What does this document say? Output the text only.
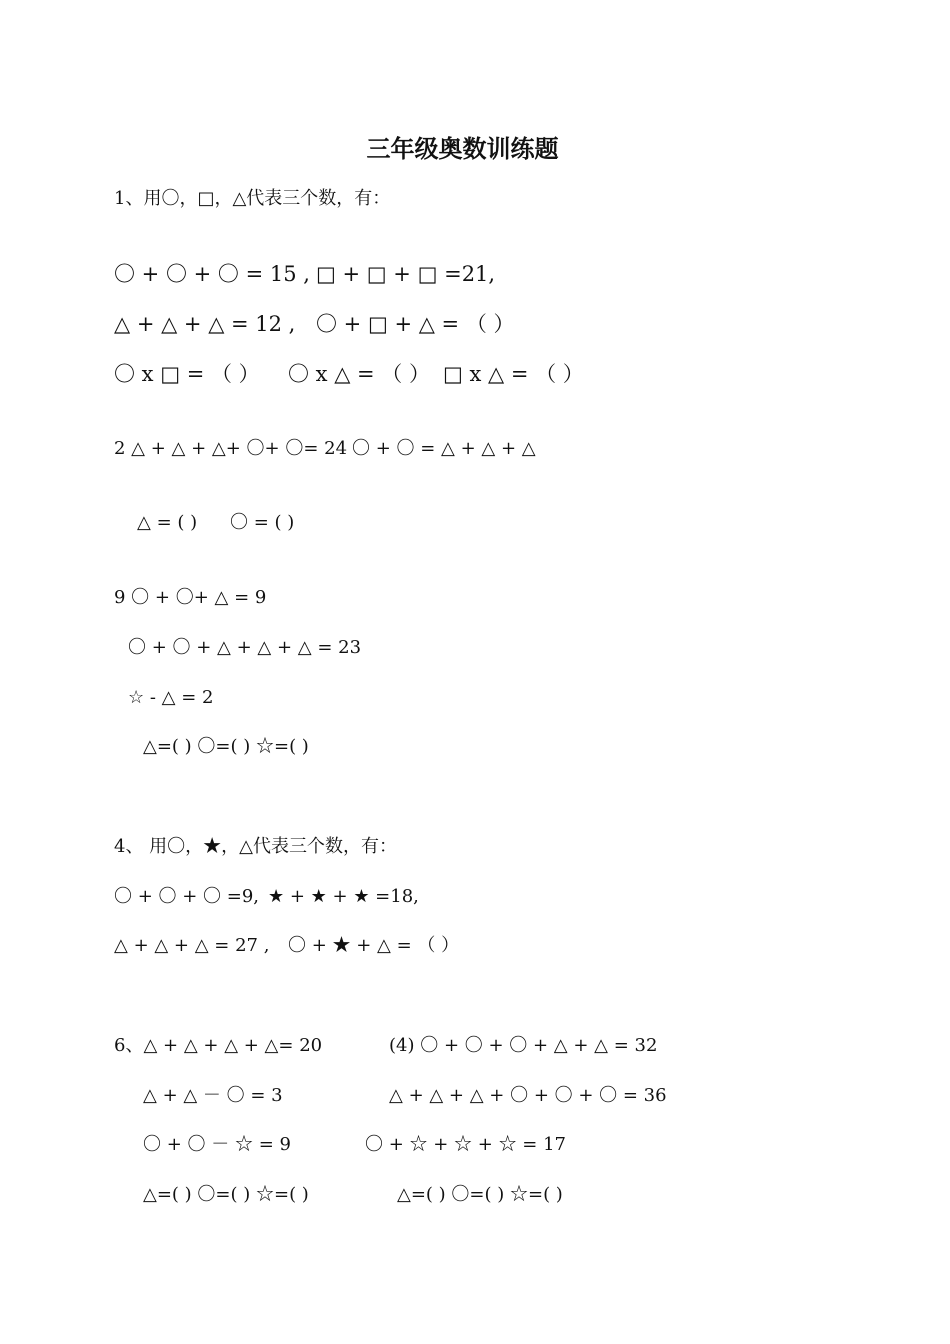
三年级奥数训练题
1、用〇，□，△代表三个数，有：
〇 + 〇 + 〇 = 15 , □ + □ + □ =21,
△ + △ + △ = 12 , 〇 + □ + △ = （ ）
〇 x □ = （ ） 〇 x △ = （ ） □ x △ = （ ）
2 △ + △ + △+ 〇+ 〇= 24 〇 + 〇 = △ + △ + △
△ = ( ) 〇 = ( )
9 〇 + 〇+ △ = 9
〇 + 〇 + △ + △ + △ = 23
☆ - △ = 2
△=( ) 〇=( ) ☆=( )
4、 用〇，★，△代表三个数，有：
〇 + 〇 + 〇 =9, ★ + ★ + ★ =18,
△ + △ + △ = 27 , 〇 + ★ + △ = （ ）
6、△ + △ + △ + △= 20	(4) 〇 + 〇 + 〇 + △ + △ = 32
△ + △ － 〇 = 3	△ + △ + △ + 〇 + 〇 + 〇 = 36
〇 + 〇 － ☆ = 9	〇 + ☆ + ☆ + ☆ = 17
△=( ) 〇=( ) ☆=( )	△=( ) 〇=( ) ☆=( )
